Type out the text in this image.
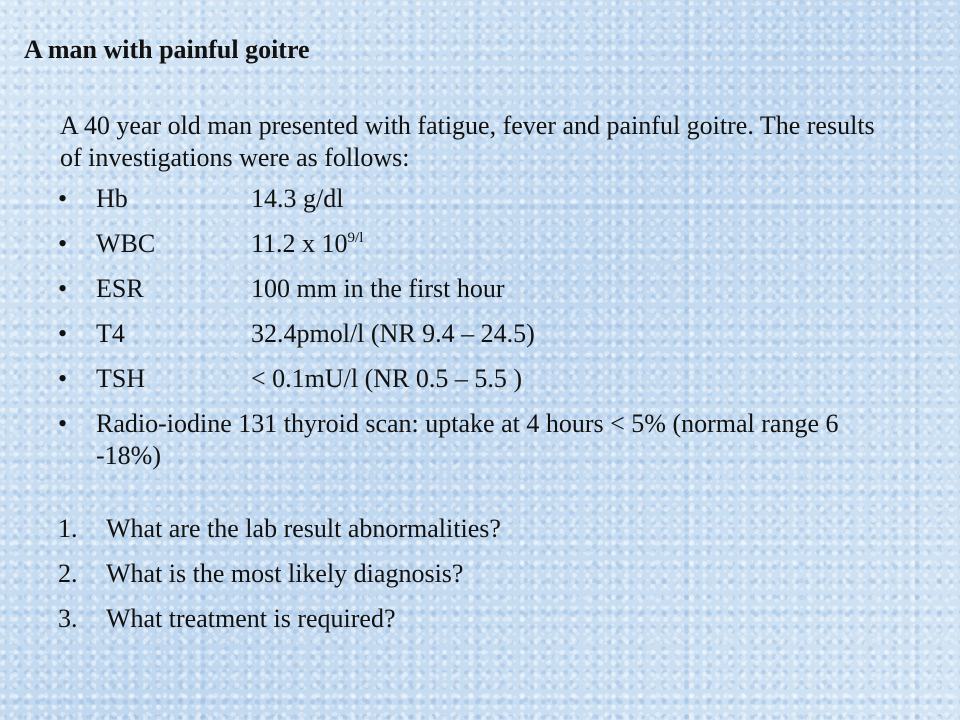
A man with painful goitre

A 40 year old man presented with fatigue, fever and painful goitre. The results of investigations were as follows:

• Hb	14.3 g/dl
• WBC	11.2 x $10^{9/l}$
• ESR	100 mm in the first hour
• T4	32.4pmol/l (NR 9.4 – 24.5)
• TSH	< 0.1mU/l (NR 0.5 – 5.5 )
• Radio-iodine 131 thyroid scan: uptake at 4 hours < 5% (normal range 6 -18%)
1. What are the lab result abnormalities?
2. What is the most likely diagnosis?
3. What treatment is required?
